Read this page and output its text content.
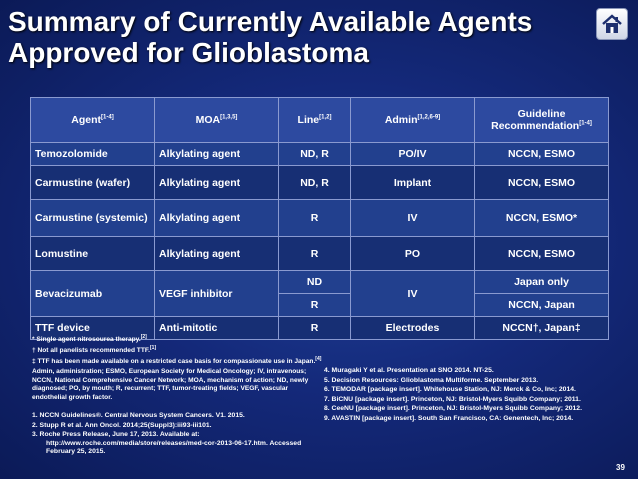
Summary of Currently Available Agents
Approved for Glioblastoma
Agent[1-4]	MOA[1,3,5]	Line[1,2]	Admin[1,2,6-9]	Guideline Recommendation[1-4]
Temozolomide	Alkylating agent	ND, R	PO/IV	NCCN, ESMO
Carmustine (wafer)	Alkylating agent	ND, R	Implant	NCCN, ESMO
Carmustine (systemic)	Alkylating agent	R	IV	NCCN, ESMO*
Lomustine	Alkylating agent	R	PO	NCCN, ESMO
Bevacizumab	VEGF inhibitor	ND	IV	Japan only
		R		NCCN, Japan
TTF device	Anti-mitotic	R	Electrodes	NCCN†, Japan‡
* Single agent nitrosourea therapy.[2]
† Not all panelists recommended TTF.[1]
‡ TTF has been made available on a restricted case basis for compassionate use in Japan.[4]
Admin, administration; ESMO, European Society for Medical Oncology; IV, intravenous; NCCN, National Comprehensive Cancer Network; MOA, mechanism of action; ND, newly diagnosed; PO, by mouth; R, recurrent; TTF, tumor-treating fields; VEGF, vascular endothelial growth factor.
1. NCCN Guidelines®. Central Nervous System Cancers. V1. 2015.
2. Stupp R et al. Ann Oncol. 2014;25(Suppl3):iii93-iii101.
3. Roche Press Release, June 17, 2013. Available at: http://www.roche.com/media/store/releases/med-cor-2013-06-17.htm. Accessed February 25, 2015.
4. Muragaki Y et al. Presentation at SNO 2014. NT-25.
5. Decision Resources: Glioblastoma Multiforme. September 2013.
6. TEMODAR [package insert]. Whitehouse Station, NJ: Merck & Co, Inc; 2014.
7. BiCNU [package insert]. Princeton, NJ: Bristol-Myers Squibb Company; 2011.
8. CeeNU [package insert]. Princeton, NJ: Bristol-Myers Squibb Company; 2012.
9. AVASTIN [package insert]. South San Francisco, CA: Genentech, Inc; 2014.
39
